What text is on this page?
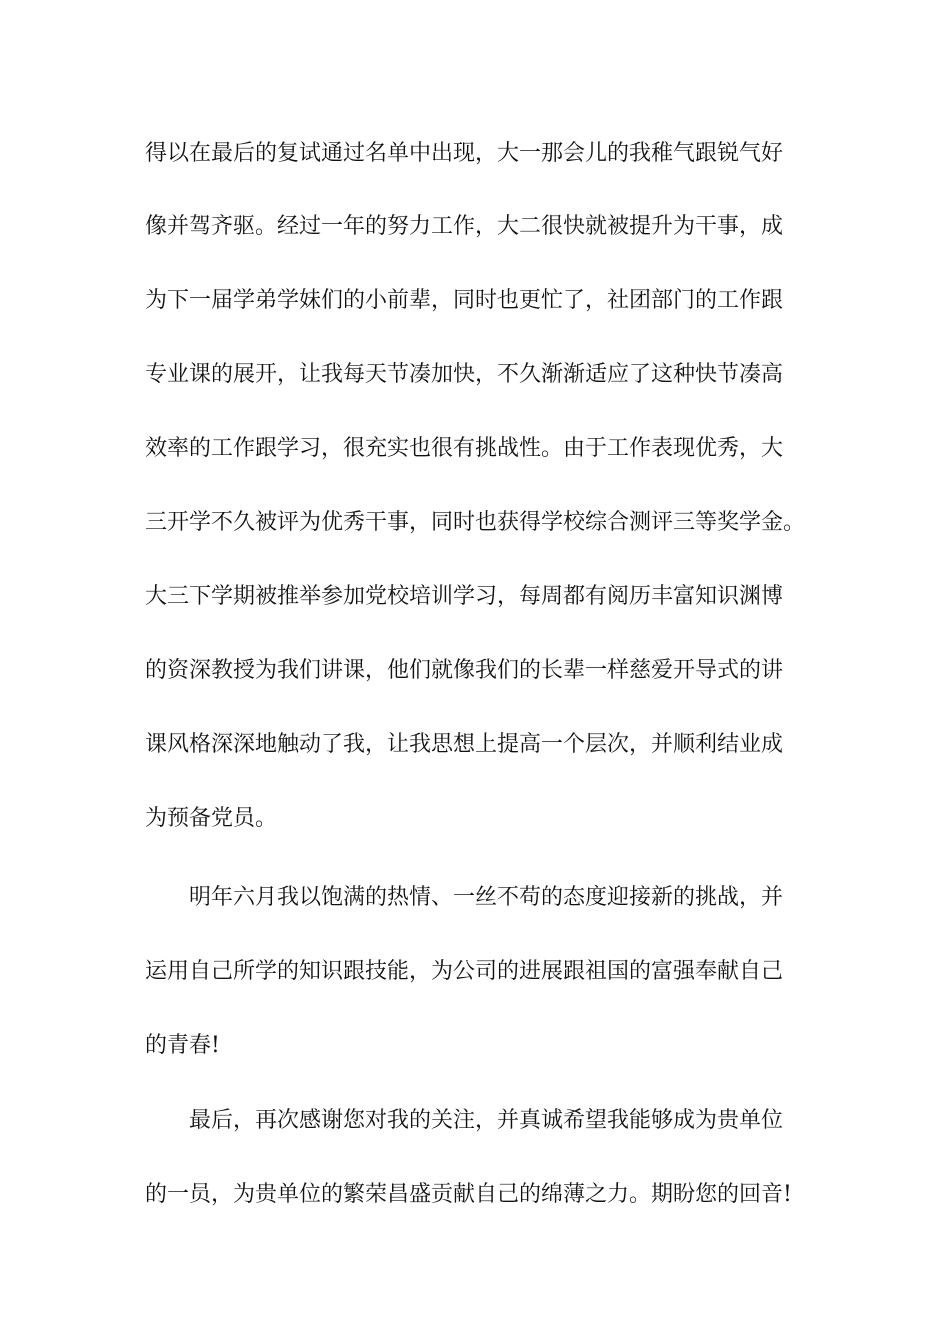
得以在最后的复试通过名单中出现，大一那会儿的我稚气跟锐气好

像并驾齐驱。经过一年的努力工作，大二很快就被提升为干事，成

为下一届学弟学妹们的小前辈，同时也更忙了，社团部门的工作跟

专业课的展开，让我每天节凑加快，不久渐渐适应了这种快节凑高

效率的工作跟学习，很充实也很有挑战性。由于工作表现优秀，大

三开学不久被评为优秀干事，同时也获得学校综合测评三等奖学金。

大三下学期被推举参加党校培训学习，每周都有阅历丰富知识渊博

的资深教授为我们讲课，他们就像我们的长辈一样慈爱开导式的讲

课风格深深地触动了我，让我思想上提高一个层次，并顺利结业成

为预备党员。

明年六月我以饱满的热情、一丝不苟的态度迎接新的挑战，并

运用自己所学的知识跟技能，为公司的进展跟祖国的富强奉献自己

的青春!

最后，再次感谢您对我的关注，并真诚希望我能够成为贵单位

的一员，为贵单位的繁荣昌盛贡献自己的绵薄之力。期盼您的回音!
